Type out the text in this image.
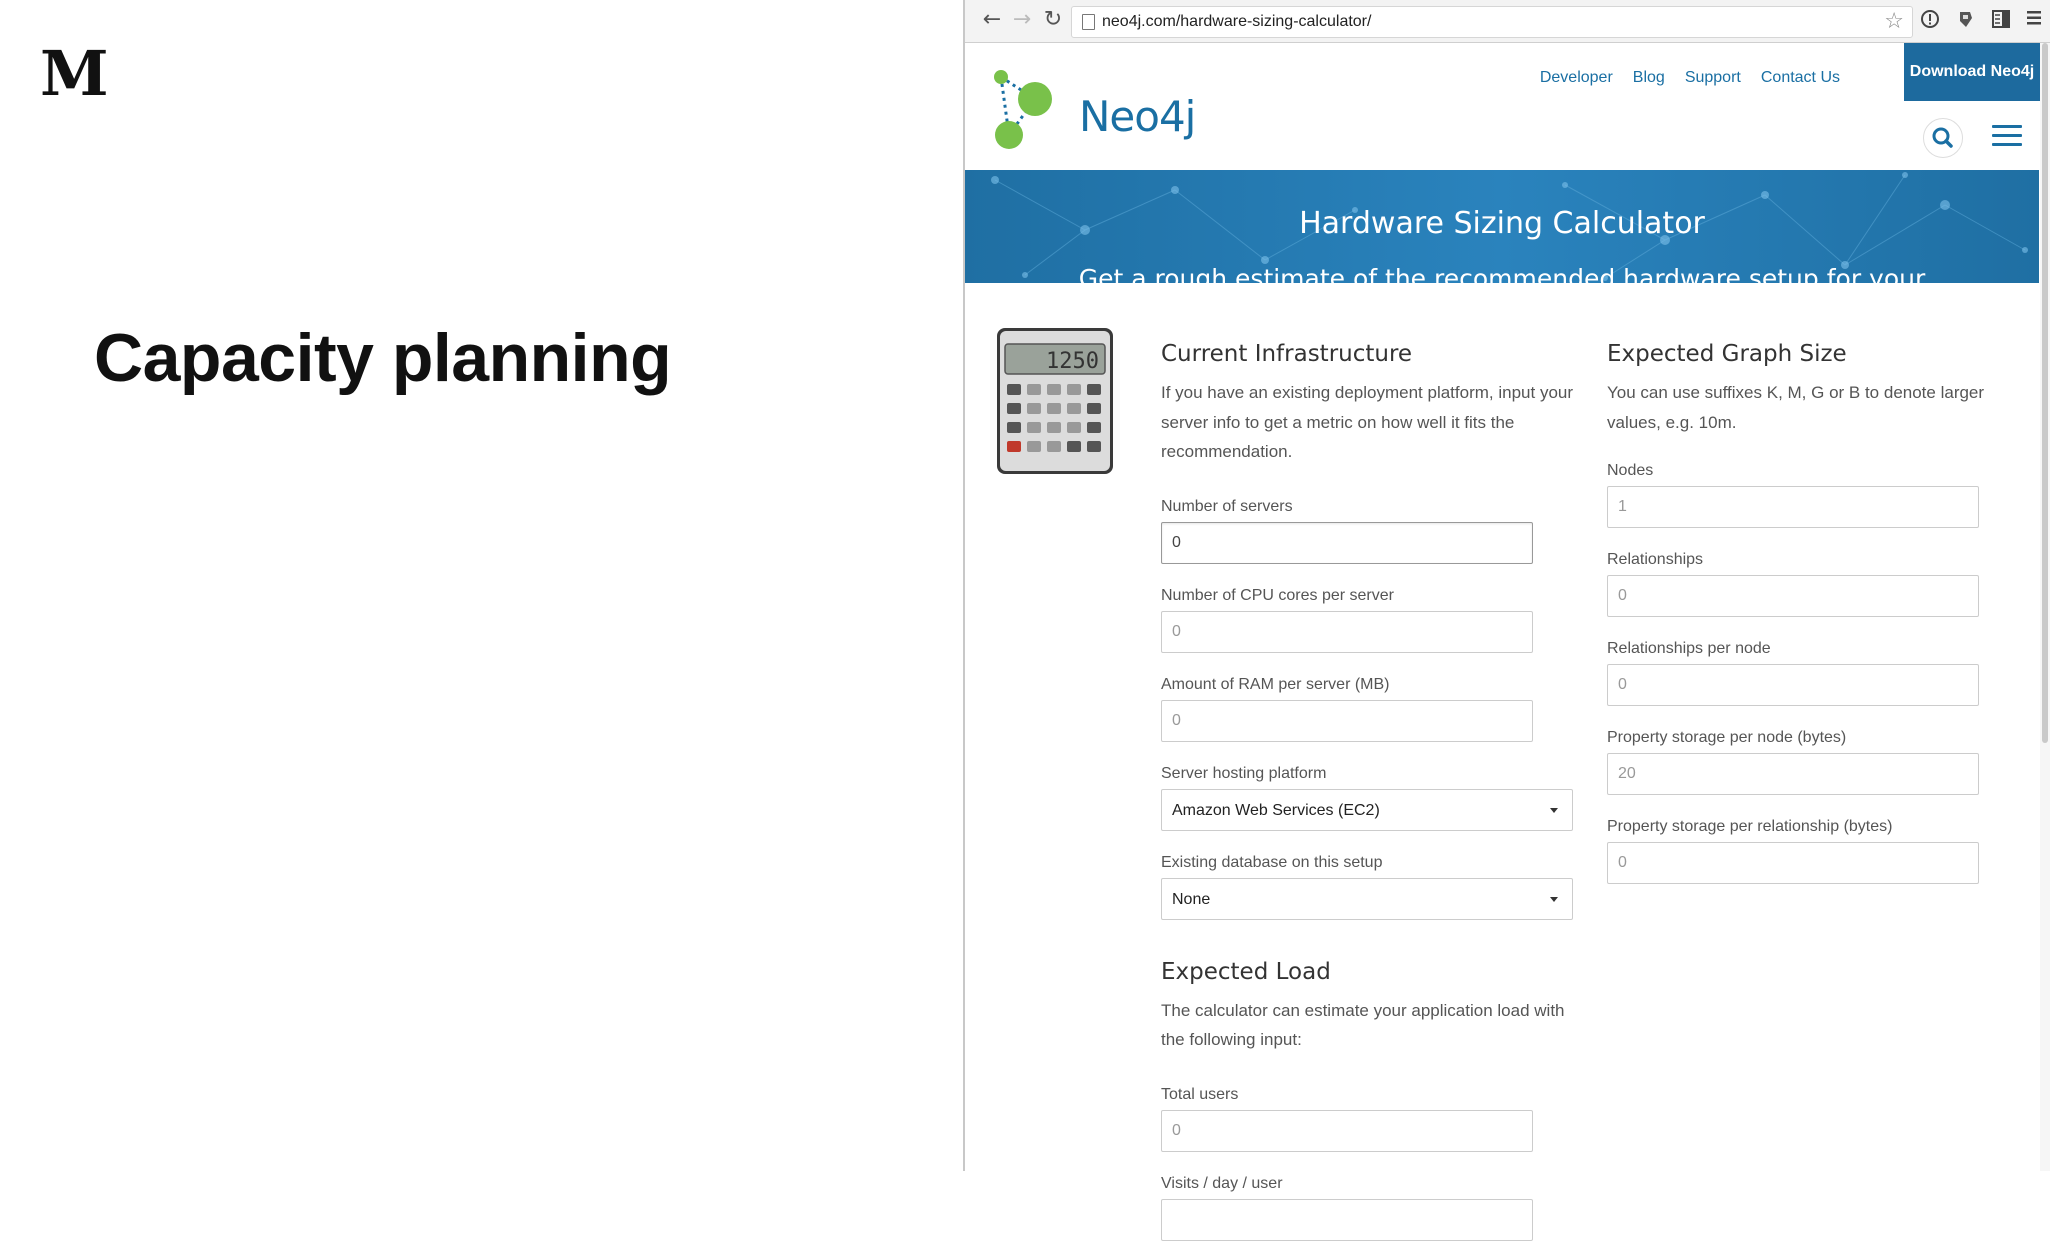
M
Capacity planning
← → ↻ neo4j.com/hardware-sizing-calculator/	☆
Neo4j
Developer Blog Support Contact Us	Download Neo4j
Hardware Sizing Calculator
Get a rough estimate of the recommended hardware setup for your
1250	Current Infrastructure

If you have an existing deployment platform, input your server info to get a metric on how well it fits the recommendation.

Number of servers
0
Number of CPU cores per server
0
Amount of RAM per server (MB)
0
Server hosting platform
Amazon Web Services (EC2)
Existing database on this setup
None
Expected Load

The calculator can estimate your application load with the following input:

Total users
0
Visits / day / user
Expected Graph Size

You can use suffixes K, M, G or B to denote larger values, e.g. 10m.

Nodes
1
Relationships
0
Relationships per node
0
Property storage per node (bytes)
20
Property storage per relationship (bytes)
0
